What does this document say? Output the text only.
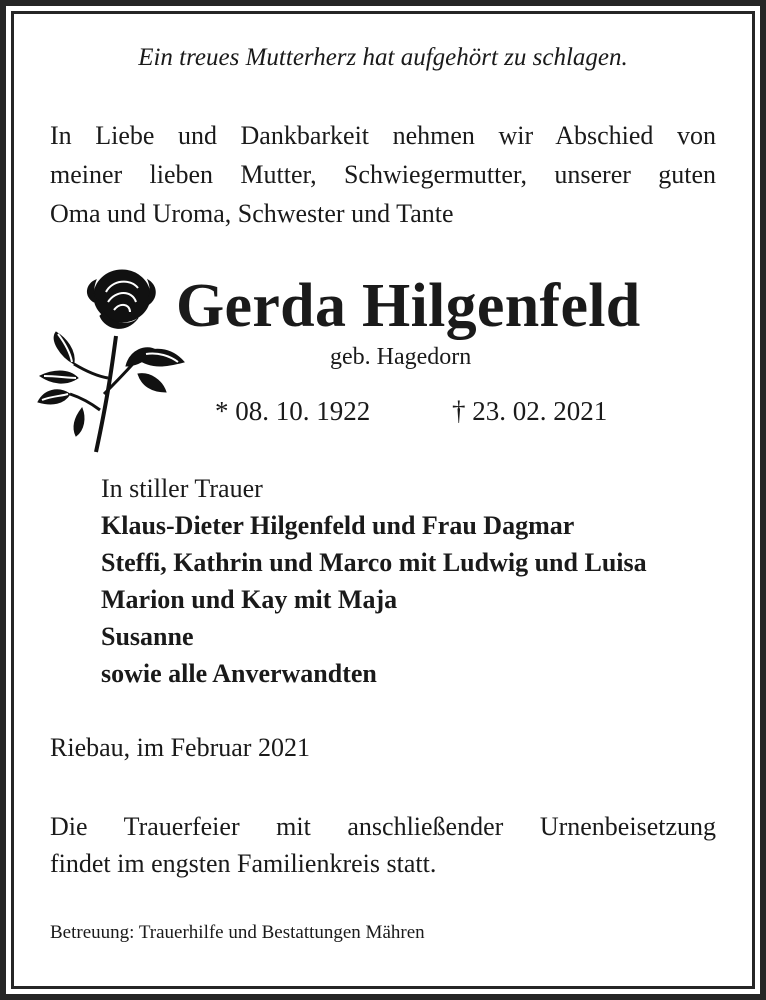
Ein treues Mutterherz hat aufgehört zu schlagen.
In Liebe und Dankbarkeit nehmen wir Abschied von
meiner lieben Mutter, Schwiegermutter, unserer guten
Oma und Uroma, Schwester und Tante
Gerda Hilgenfeld
geb. Hagedorn
* 08. 10. 1922	† 23. 02. 2021
In stiller Trauer
Klaus-Dieter Hilgenfeld und Frau Dagmar
Steffi, Kathrin und Marco mit Ludwig und Luisa
Marion und Kay mit Maja
Susanne
sowie alle Anverwandten
Riebau, im Februar 2021
Die Trauerfeier mit anschließender Urnenbeisetzung
findet im engsten Familienkreis statt.
Betreuung: Trauerhilfe und Bestattungen Mähren
